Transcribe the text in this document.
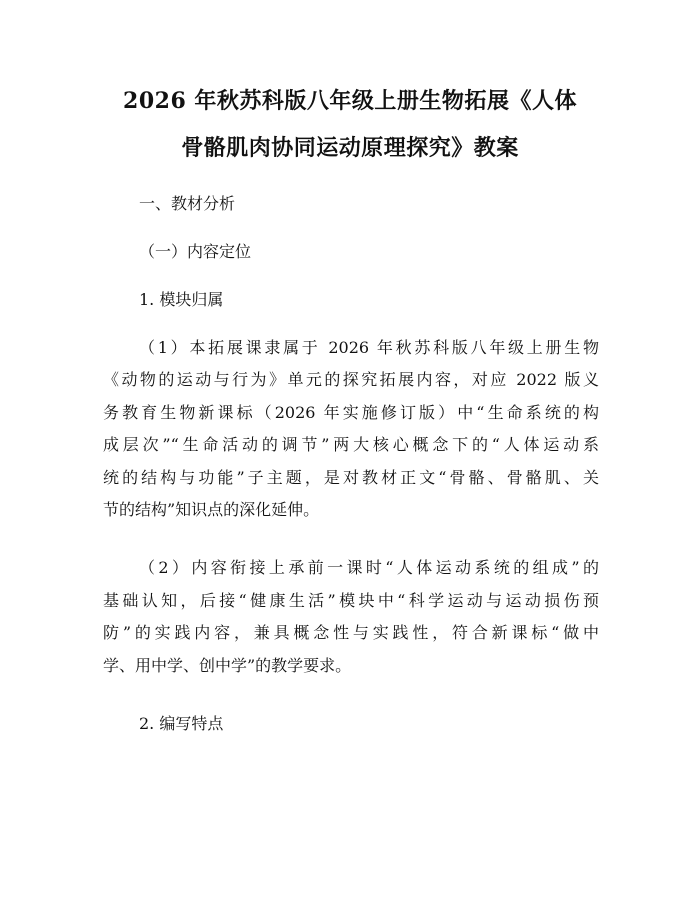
2026 年秋苏科版八年级上册生物拓展《人体
骨骼肌肉协同运动原理探究》教案
一、教材分析
（一）内容定位
1. 模块归属
（1）本拓展课隶属于 2026 年秋苏科版八年级上册生物
《动物的运动与行为》单元的探究拓展内容，对应 2022 版义
务教育生物新课标（2026 年实施修订版）中“生命系统的构
成层次”“生命活动的调节”两大核心概念下的“人体运动系
统的结构与功能”子主题，是对教材正文“骨骼、骨骼肌、关
节的结构”知识点的深化延伸。
（2）内容衔接上承前一课时“人体运动系统的组成”的
基础认知，后接“健康生活”模块中“科学运动与运动损伤预
防”的实践内容，兼具概念性与实践性，符合新课标“做中
学、用中学、创中学”的教学要求。
2. 编写特点
